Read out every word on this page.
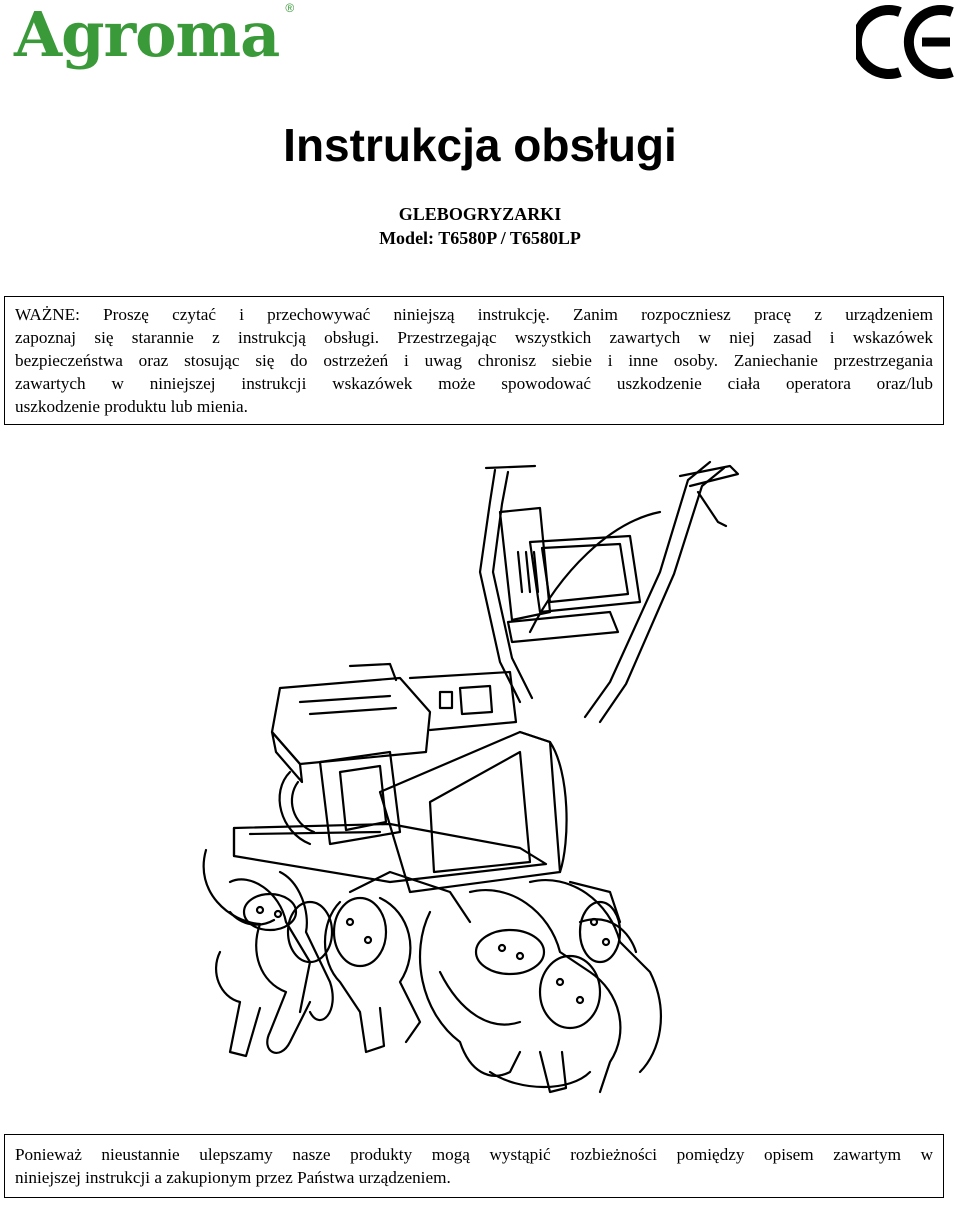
Agroma ®
Instrukcja obsługi
GLEBOGRYZARKI
Model: T6580P / T6580LP
WAŻNE: Proszę czytać i przechowywać niniejszą instrukcję. Zanim rozpoczniesz pracę z urządzeniem
zapoznaj się starannie z instrukcją obsługi. Przestrzegając wszystkich zawartych w niej zasad i wskazówek
bezpieczeństwa oraz stosując się do ostrzeżeń i uwag chronisz siebie i inne osoby. Zaniechanie przestrzegania
zawartych w niniejszej instrukcji wskazówek może spowodować uszkodzenie ciała operatora oraz/lub
uszkodzenie produktu lub mienia.
Ponieważ nieustannie ulepszamy nasze produkty mogą wystąpić rozbieżności pomiędzy opisem zawartym w
niniejszej instrukcji a zakupionym przez Państwa urządzeniem.
